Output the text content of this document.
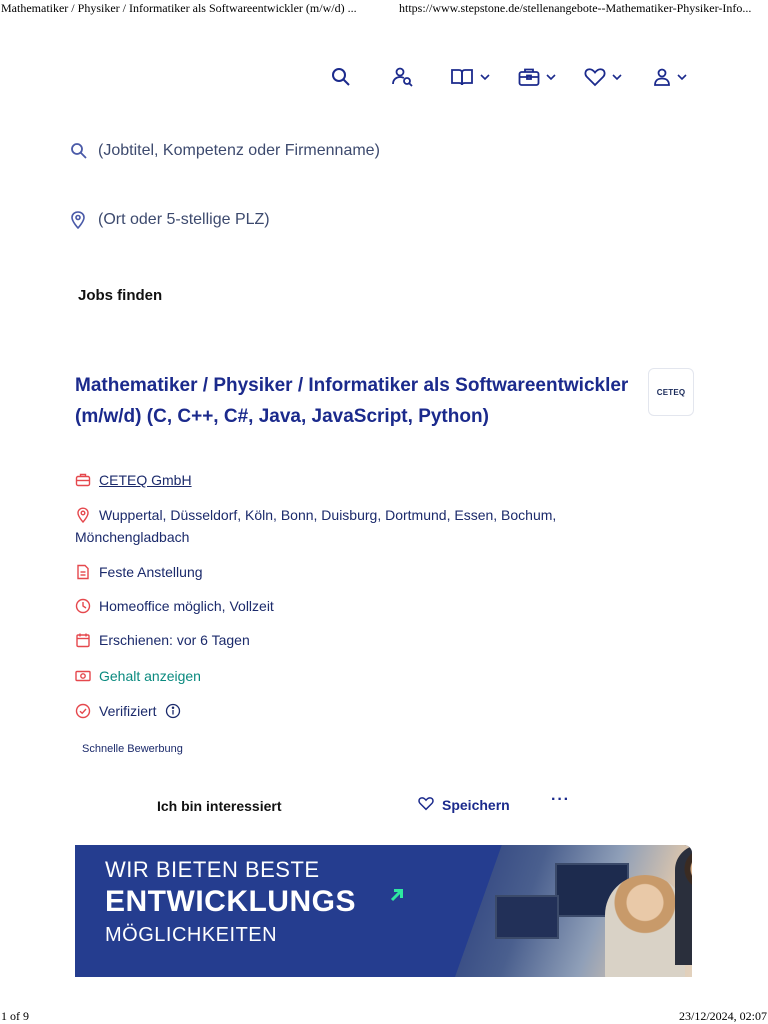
Mathematiker / Physiker / Informatiker als Softwareentwickler (m/w/d) ...	https://www.stepstone.de/stellenangebote--Mathematiker-Physiker-Info...
(Jobtitel, Kompetenz oder Firmenname)
(Ort oder 5-stellige PLZ)
Jobs finden
Mathematiker / Physiker / Informatiker als Softwareentwickler (m/w/d) (C, C++, C#, Java, JavaScript, Python)
CETEQ
CETEQ GmbH
Wuppertal, Düsseldorf, Köln, Bonn, Duisburg, Dortmund, Essen, Bochum, Mönchengladbach
Feste Anstellung
Homeoffice möglich, Vollzeit
Erschienen: vor 6 Tagen
Gehalt anzeigen
Verifiziert
Schnelle Bewerbung
Ich bin interessiert	Speichern	···
WIR BIETEN BESTE
ENTWICKLUNGS
MÖGLICHKEITEN
1 of 9	23/12/2024, 02:07
